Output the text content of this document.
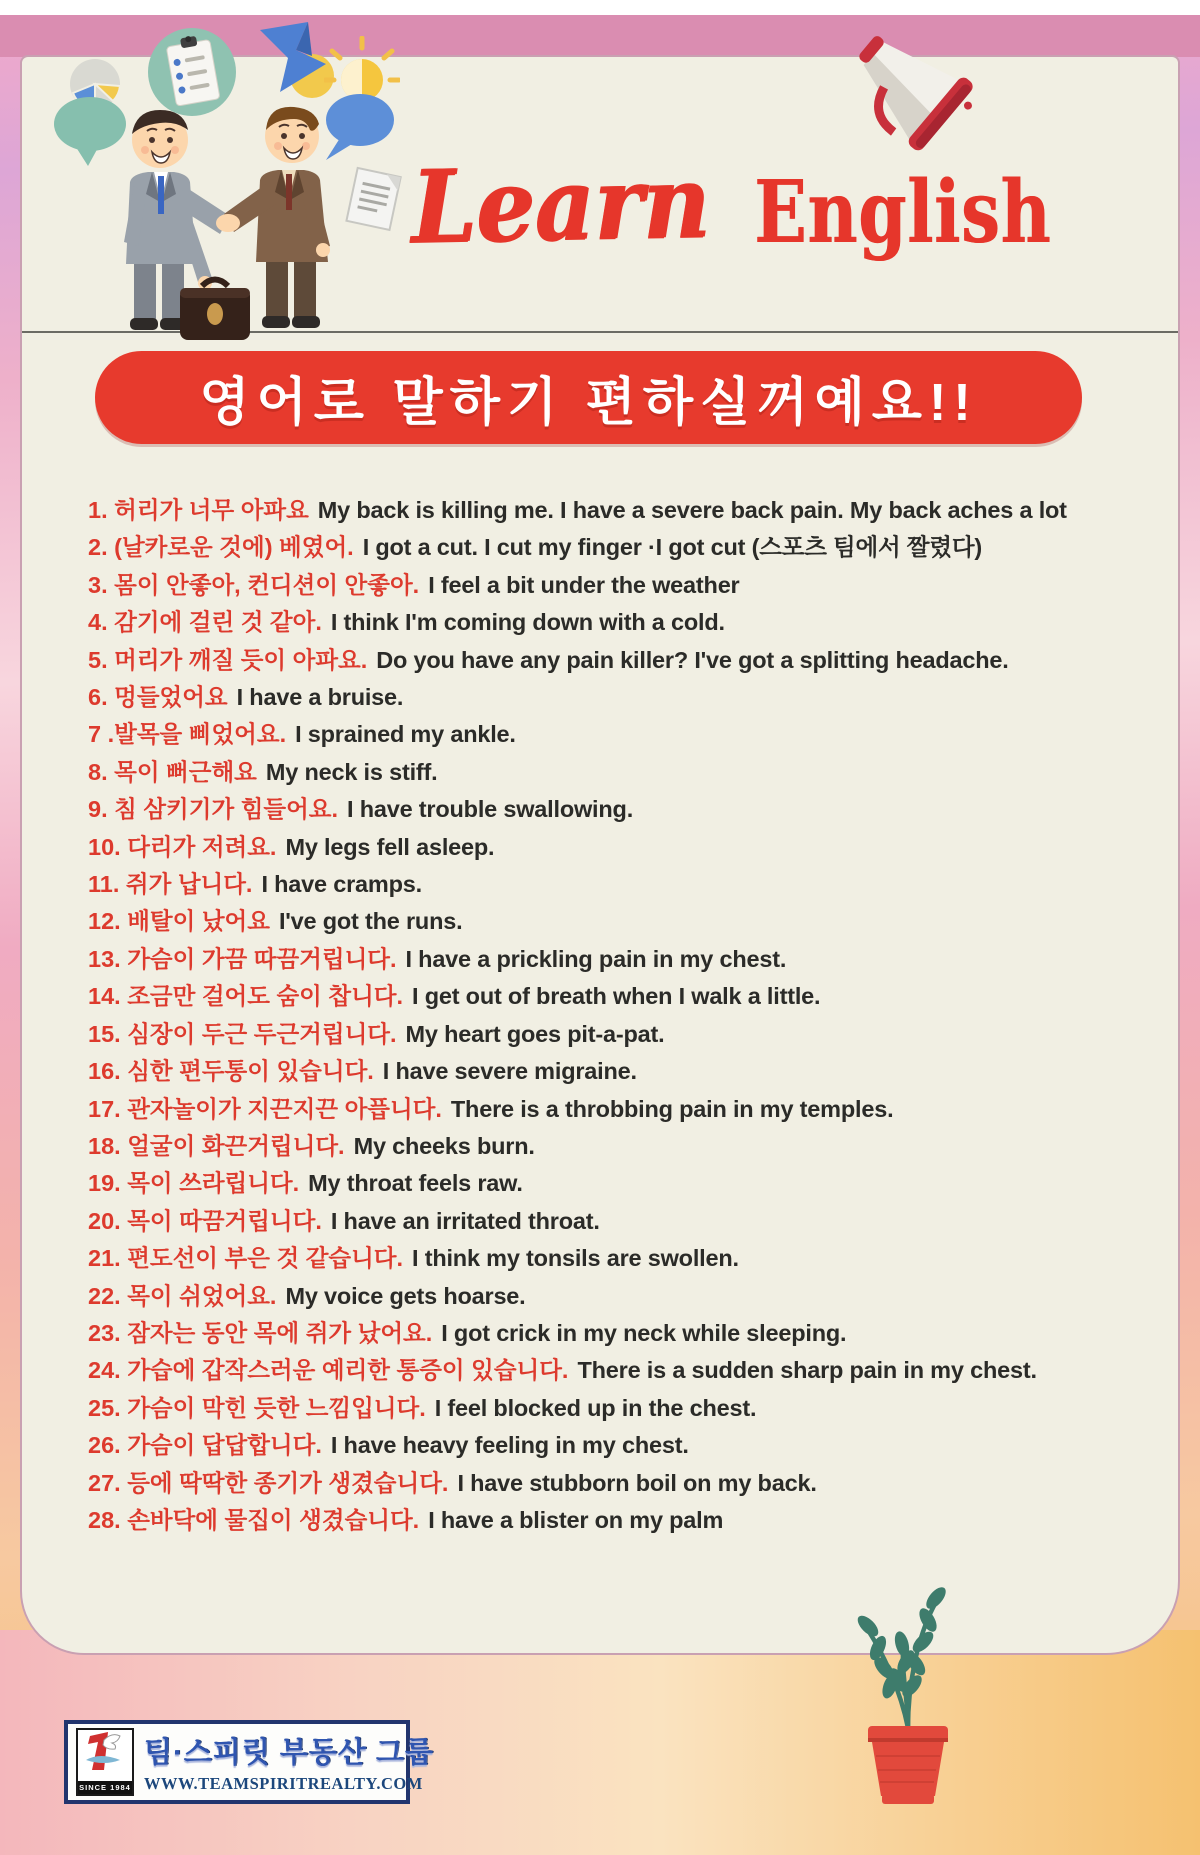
Learn English
영어로 말하기 편하실꺼예요!!
1. 허리가 너무 아파요 My back is killing me. I have a severe back pain. My back aches a lot
2. (날카로운 것에) 베였어. I got a cut. I cut my finger ·I got cut (스포츠 팀에서 짤렸다)
3. 몸이 안좋아, 컨디션이 안좋아. I feel a bit under the weather
4. 감기에 걸린 것 같아. I think I'm coming down with a cold.
5. 머리가 깨질 듯이 아파요. Do you have any pain killer? I've got a splitting headache.
6. 멍들었어요 I have a bruise.
7 .발목을 삐었어요. I sprained my ankle.
8. 목이 뻐근해요 My neck is stiff.
9. 침 삼키기가 힘들어요. I have trouble swallowing.
10. 다리가 저려요. My legs fell asleep.
11. 쥐가 납니다. I have cramps.
12. 배탈이 났어요 I've got the runs.
13. 가슴이 가끔 따끔거립니다. I have a prickling pain in my chest.
14. 조금만 걸어도 숨이 찹니다. I get out of breath when I walk a little.
15. 심장이 두근 두근거립니다. My heart goes pit-a-pat.
16. 심한 편두통이 있습니다. I have severe migraine.
17. 관자놀이가 지끈지끈 아픕니다. There is a throbbing pain in my temples.
18. 얼굴이 화끈거립니다. My cheeks burn.
19. 목이 쓰라립니다. My throat feels raw.
20. 목이 따끔거립니다. I have an irritated throat.
21. 편도선이 부은 것 같습니다. I think my tonsils are swollen.
22. 목이 쉬었어요. My voice gets hoarse.
23. 잠자는 동안 목에 쥐가 났어요. I got crick in my neck while sleeping.
24. 가습에 갑작스러운 예리한 통증이 있습니다. There is a sudden sharp pain in my chest.
25. 가슴이 막힌 듯한 느낌입니다. I feel blocked up in the chest.
26. 가슴이 답답합니다. I have heavy feeling in my chest.
27. 등에 딱딱한 종기가 생겼습니다. I have stubborn boil on my back.
28. 손바닥에 물집이 생겼습니다. I have a blister on my palm
SINCE 1984
팀·스피릿 부동산 그룹
WWW.TEAMSPIRITREALTY.COM
